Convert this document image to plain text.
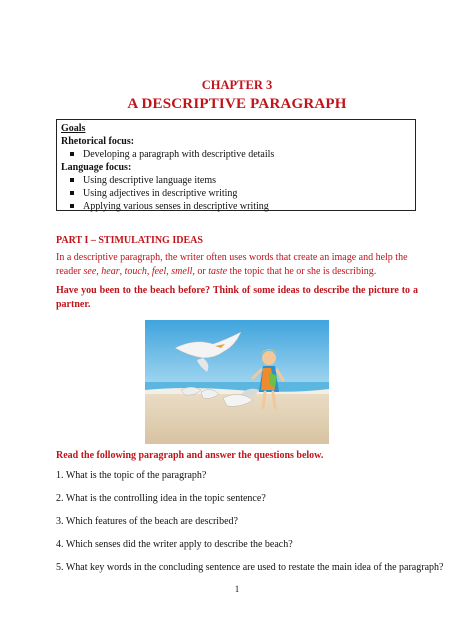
CHAPTER 3
A DESCRIPTIVE PARAGRAPH
Goals
Rhetorical focus:
Developing a paragraph with descriptive details
Language focus:
Using descriptive language items
Using adjectives in descriptive writing
Applying various senses in descriptive writing
PART I – STIMULATING IDEAS
In a descriptive paragraph, the writer often uses words that create an image and help the reader see, hear, touch, feel, smell, or taste the topic that he or she is describing.
Have you been to the beach before? Think of some ideas to describe the picture to a partner.
Read the following paragraph and answer the questions below.
1. What is the topic of the paragraph?
2. What is the controlling idea in the topic sentence?
3. Which features of the beach are described?
4. Which senses did the writer apply to describe the beach?
5. What key words in the concluding sentence are used to restate the main idea of the paragraph?
1
